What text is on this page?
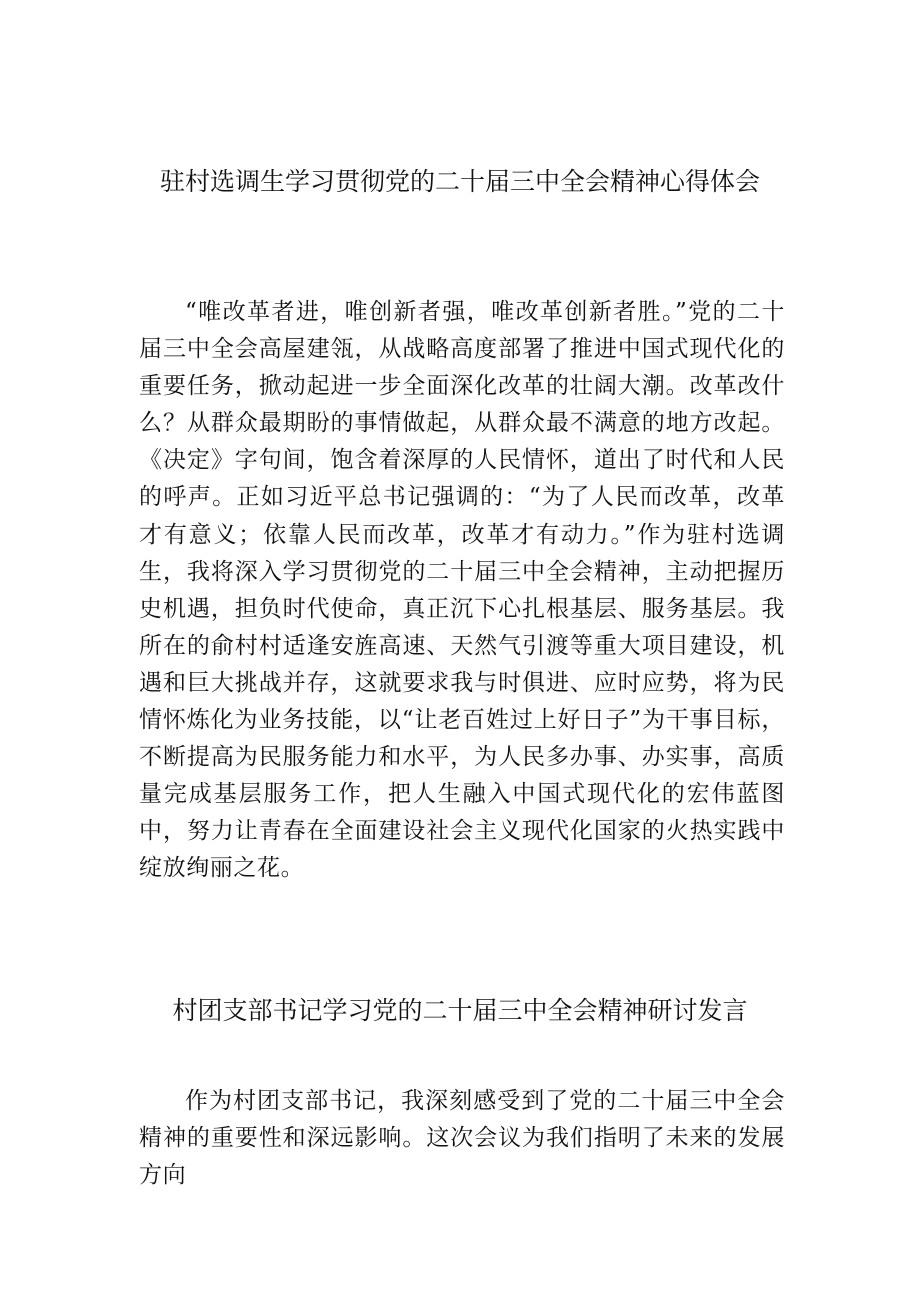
驻村选调生学习贯彻党的二十届三中全会精神心得体会

“唯改革者进，唯创新者强，唯改革创新者胜。”党的二十届三中全会高屋建瓴，从战略高度部署了推进中国式现代化的重要任务，掀动起进一步全面深化改革的壮阔大潮。改革改什么？从群众最期盼的事情做起，从群众最不满意的地方改起。《决定》字句间，饱含着深厚的人民情怀，道出了时代和人民的呼声。正如习近平总书记强调的：“为了人民而改革，改革才有意义；依靠人民而改革，改革才有动力。”作为驻村选调生，我将深入学习贯彻党的二十届三中全会精神，主动把握历史机遇，担负时代使命，真正沉下心扎根基层、服务基层。我所在的俞村村适逢安旌高速、天然气引渡等重大项目建设，机遇和巨大挑战并存，这就要求我与时俱进、应时应势，将为民情怀炼化为业务技能，以“让老百姓过上好日子”为干事目标，不断提高为民服务能力和水平，为人民多办事、办实事，高质量完成基层服务工作，把人生融入中国式现代化的宏伟蓝图中，努力让青春在全面建设社会主义现代化国家的火热实践中绽放绚丽之花。

村团支部书记学习党的二十届三中全会精神研讨发言

作为村团支部书记，我深刻感受到了党的二十届三中全会精神的重要性和深远影响。这次会议为我们指明了未来的发展方向
